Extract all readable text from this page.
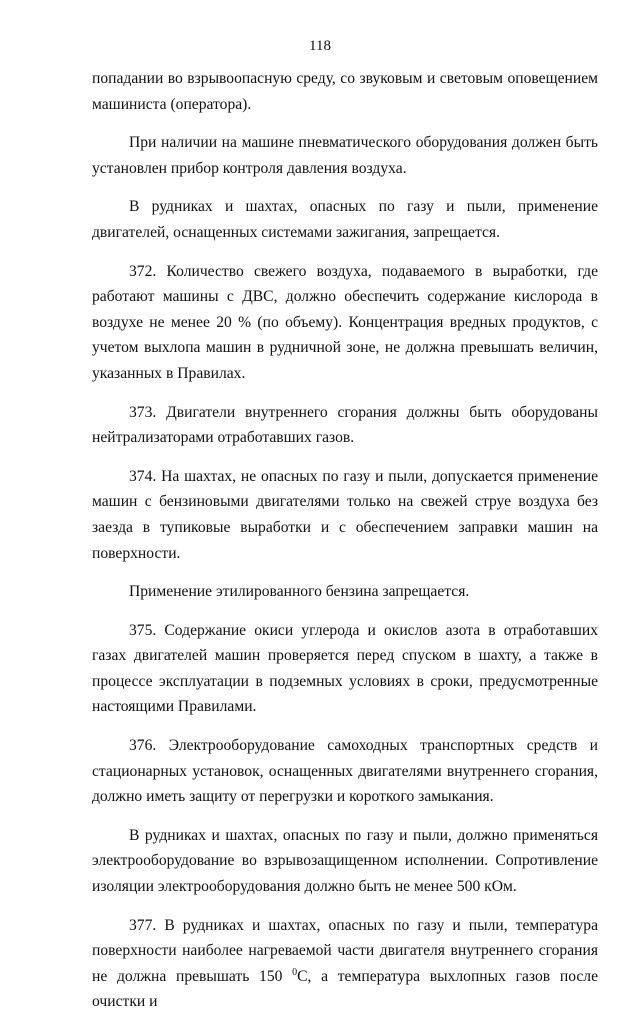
118

попадании во взрывоопасную среду, со звуковым и световым оповещением машиниста (оператора).

При наличии на машине пневматического оборудования должен быть установлен прибор контроля давления воздуха.

В рудниках и шахтах, опасных по газу и пыли, применение двигателей, оснащенных системами зажигания, запрещается.

372. Количество свежего воздуха, подаваемого в выработки, где работают машины с ДВС, должно обеспечить содержание кислорода в воздухе не менее 20 % (по объему). Концентрация вредных продуктов, с учетом выхлопа машин в рудничной зоне, не должна превышать величин, указанных в Правилах.

373. Двигатели внутреннего сгорания должны быть оборудованы нейтрализаторами отработавших газов.

374. На шахтах, не опасных по газу и пыли, допускается применение машин с бензиновыми двигателями только на свежей струе воздуха без заезда в тупиковые выработки и с обеспечением заправки машин на поверхности.

Применение этилированного бензина запрещается.

375. Содержание окиси углерода и окислов азота в отработавших газах двигателей машин проверяется перед спуском в шахту, а также в процессе эксплуатации в подземных условиях в сроки, предусмотренные настоящими Правилами.

376. Электрооборудование самоходных транспортных средств и стационарных установок, оснащенных двигателями внутреннего сгорания, должно иметь защиту от перегрузки и короткого замыкания.

В рудниках и шахтах, опасных по газу и пыли, должно применяться электрооборудование во взрывозащищенном исполнении. Сопротивление изоляции электрооборудования должно быть не менее 500 кОм.

377. В рудниках и шахтах, опасных по газу и пыли, температура поверхности наиболее нагреваемой части двигателя внутреннего сгорания не должна превышать 150 $^0$С, а температура выхлопных газов после очистки и
